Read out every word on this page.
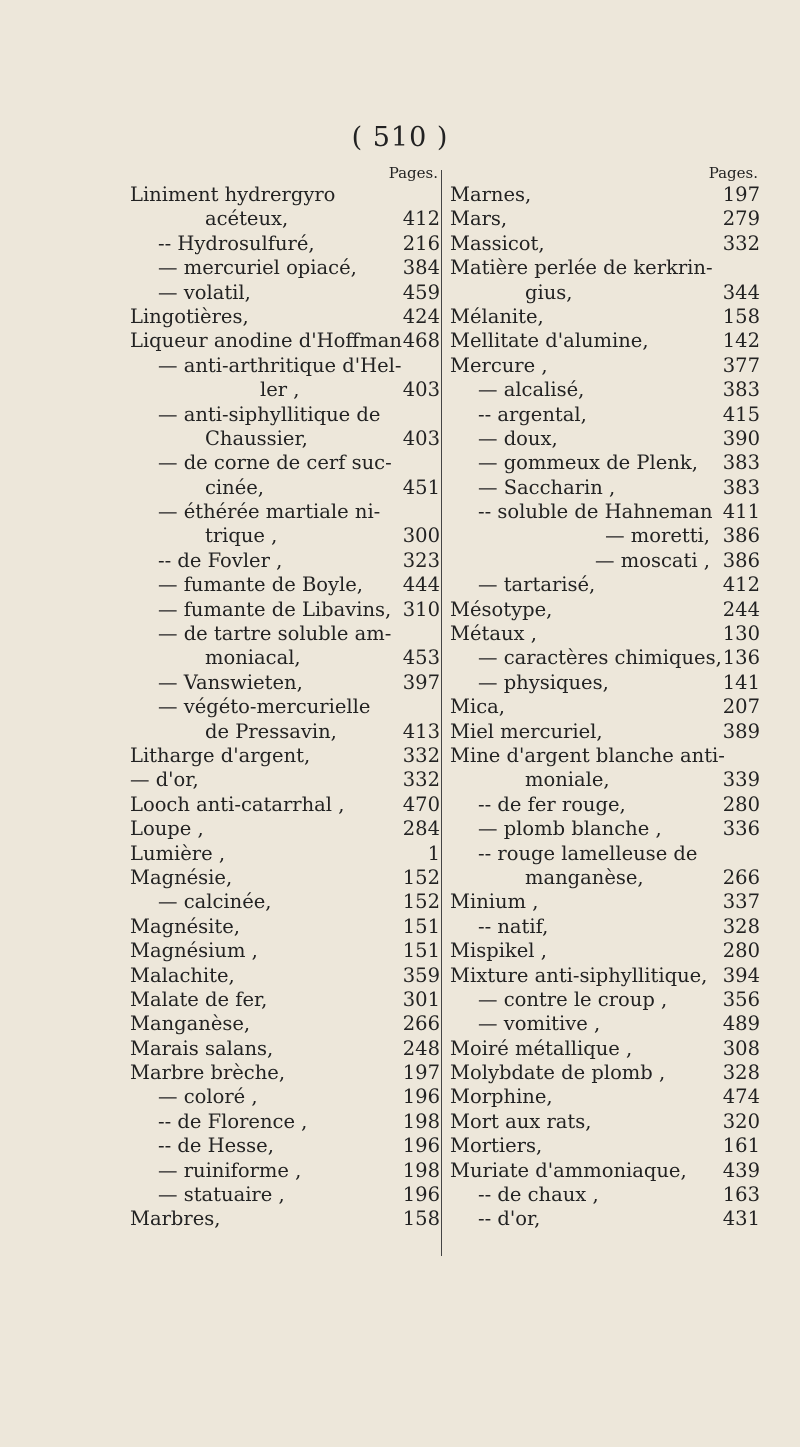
( 510 )
Pages.
Liniment hydrergyro
acéteux,	412
-- Hydrosulfuré,	216
— mercuriel opiacé,	384
— volatil,	459
Lingotières,	424
Liqueur anodine d'Hoffman 468
— anti-arthritique d'Hel-
ler ,	403
— anti-siphyllitique de
Chaussier,	403
— de corne de cerf suc-
cinée,	451
— éthérée martiale ni-
trique ,	300
-- de Fovler ,	323
— fumante de Boyle,	444
— fumante de Libavins, 310
— de tartre soluble am-
moniacal,	453
— Vanswieten,	397
— végéto-mercurielle
de Pressavin,	413
Litharge d'argent,	332
— d'or,	332
Looch anti-catarrhal ,	470
Loupe ,	284
Lumière ,	1
Magnésie,	152
— calcinée,	152
Magnésite,	151
Magnésium ,	151
Malachite,	359
Malate de fer,	301
Manganèse,	266
Marais salans,	248
Marbre brèche,	197
— coloré ,	196
-- de Florence ,	198
-- de Hesse,	196
— ruiniforme ,	198
— statuaire ,	196
Marbres,	158
Pages.
Marnes,	197
Mars,	279
Massicot,	332
Matière perlée de kerkrin-
gius,	344
Mélanite,	158
Mellitate d'alumine,	142
Mercure ,	377
— alcalisé,	383
-- argental,	415
— doux,	390
— gommeux de Plenk,	383
— Saccharin ,	383
-- soluble de Hahneman 411
— moretti, 386
— moscati , 386
— tartarisé,	412
Mésotype,	244
Métaux ,	130
— caractères chimiques, 136
— physiques,	141
Mica,	207
Miel mercuriel,	389
Mine d'argent blanche anti-
moniale,	339
-- de fer rouge,	280
— plomb blanche ,	336
-- rouge lamelleuse de
manganèse,	266
Minium ,	337
-- natif,	328
Mispikel ,	280
Mixture anti-siphyllitique, 394
— contre le croup ,	356
— vomitive ,	489
Moiré métallique ,	308
Molybdate de plomb ,	328
Morphine,	474
Mort aux rats,	320
Mortiers,	161
Muriate d'ammoniaque,	439
-- de chaux ,	163
-- d'or,	431
